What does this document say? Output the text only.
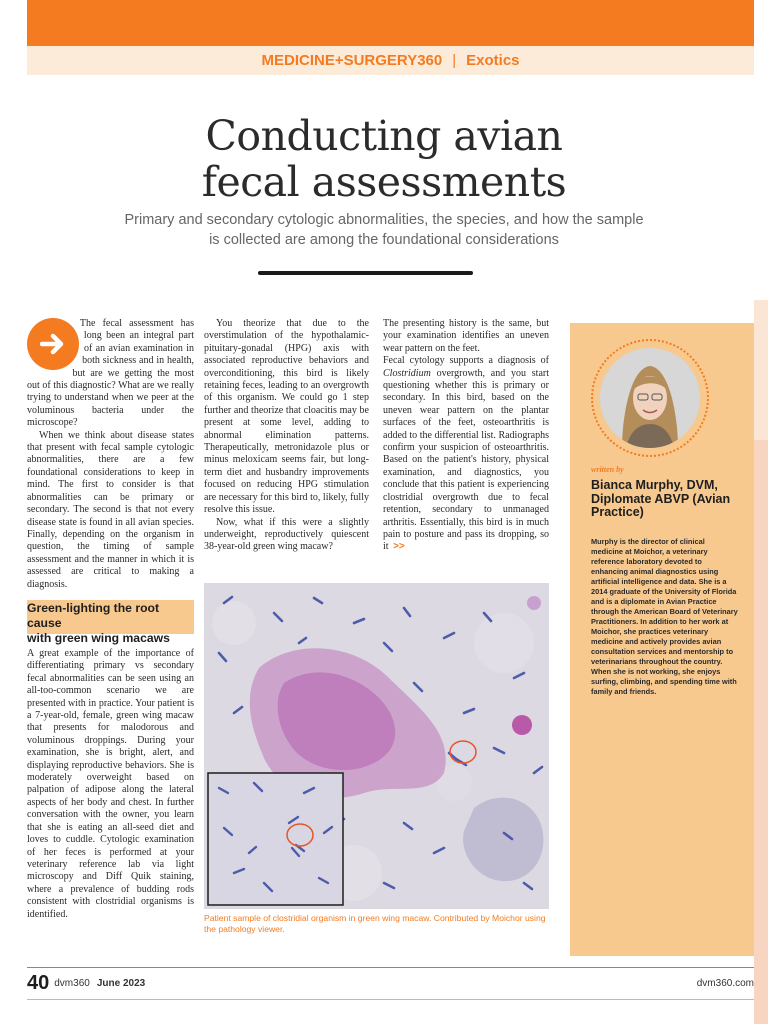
MEDICINE+SURGERY360 | Exotics
Conducting avian
fecal assessments

Primary and secondary cytologic abnormalities, the species, and how the sample is collected are among the foundational considerations

The fecal assessment has long been an integral part of an avian examination in both sickness and in health, but are we getting the most out of this diagnostic? What are we really trying to understand when we peer at the voluminous bacteria under the microscope?

When we think about disease states that present with fecal sample cytologic abnormalities, there are a few foundational considerations to keep in mind. The first to consider is that abnormalities can be primary or secondary. The second is that not every disease state is found in all avian species. Finally, depending on the organism in question, the timing of sample assessment and the manner in which it is assessed are critical to making a diagnosis.

Green-lighting the root cause
with green wing macaws

A great example of the importance of differentiating primary vs secondary fecal abnormalities can be seen using an all-too-common scenario we are presented with in practice. Your patient is a 7-year-old, female, green wing macaw that presents for malodorous and voluminous droppings. During your examination, she is bright, alert, and displaying reproductive behaviors. She is moderately overweight based on palpation of adipose along the lateral aspects of her body and chest. In further conversation with the owner, you learn that she is eating an all-seed diet and loves to cuddle. Cytologic examination of her feces is performed at your veterinary reference lab via light microscopy and Diff Quik staining, where a prevalence of budding rods consistent with clostridial organisms is identified.

You theorize that due to the overstimulation of the hypothalamic-pituitary-gonadal (HPG) axis with associated reproductive behaviors and overconditioning, this bird is likely retaining feces, leading to an overgrowth of this organism. We could go 1 step further and theorize that cloacitis may be present at some level, adding to abnormal elimination patterns. Therapeutically, metronidazole plus or minus meloxicam seems fair, but long-term diet and husbandry improvements focused on reducing HPG stimulation are necessary for this bird to, likely, fully resolve this issue.

Now, what if this were a slightly underweight, reproductively quiescent 38-year-old green wing macaw?

The presenting history is the same, but your examination identifies an uneven wear pattern on the feet.

Fecal cytology supports a diagnosis of Clostridium overgrowth, and you start questioning whether this is primary or secondary. In this bird, based on the uneven wear pattern on the plantar surfaces of the feet, osteoarthritis is added to the differential list. Radiographs confirm your suspicion of osteoarthritis. Based on the patient's history, physical examination, and diagnostics, you conclude that this patient is experiencing clostridial overgrowth due to fecal retention, secondary to unmanaged arthritis. Essentially, this bird is in much pain to posture and pass its dropping, so it >>

Patient sample of clostridial organism in green wing macaw. Contributed by Moichor using the pathology viewer.
written by
Bianca Murphy, DVM, Diplomate ABVP (Avian Practice)
Murphy is the director of clinical medicine at Moichor, a veterinary reference laboratory devoted to enhancing animal diagnostics using artificial intelligence and data. She is a 2014 graduate of the University of Florida and is a diplomate in Avian Practice through the American Board of Veterinary Practitioners. In addition to her work at Moichor, she practices veterinary medicine and actively provides avian consultation services and mentorship to veterinarians throughout the country. When she is not working, she enjoys surfing, climbing, and spending time with family and friends.
40 dvm360 June 2023	dvm360.com
